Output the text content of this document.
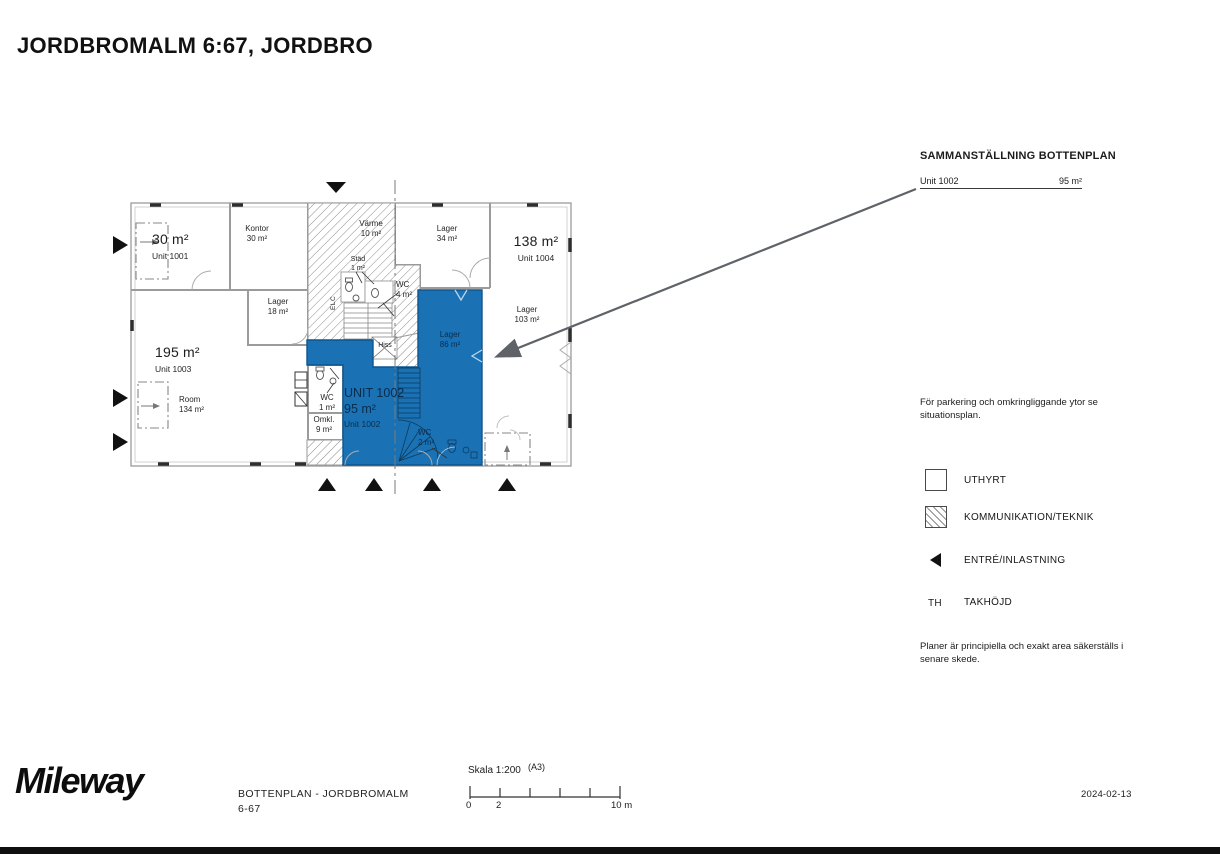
JORDBROMALM 6:67, JORDBRO
30 m²
Unit 1001
Kontor
30 m²
Värme
10 m²
Lager
34 m²	138 m²
Unit 1004
Städ
1 m²
WC
4 m²
Lager
18 m²
195 m²
Unit 1003
Room
134 m²
Lager
103 m²
Lager
86 m²
UNIT 1002
95 m²
Unit 1002
WC
1 m²
Omkl.
9 m²	WC
2 m²
Hiss
ELC
SAMMANSTÄLLNING BOTTENPLAN
Unit 1002	95 m²
För parkering och omkringliggande ytor se situationsplan.
UTHYRT
KOMMUNIKATION/TEKNIK
ENTRÉ/INLASTNING
TH	TAKHÖJD
Planer är principiella och exakt area säkerställs i senare skede.
Mileway	BOTTENPLAN - JORDBROMALM
6-67
Skala 1:200 (A3)
0	2	10 m
2024-02-13
